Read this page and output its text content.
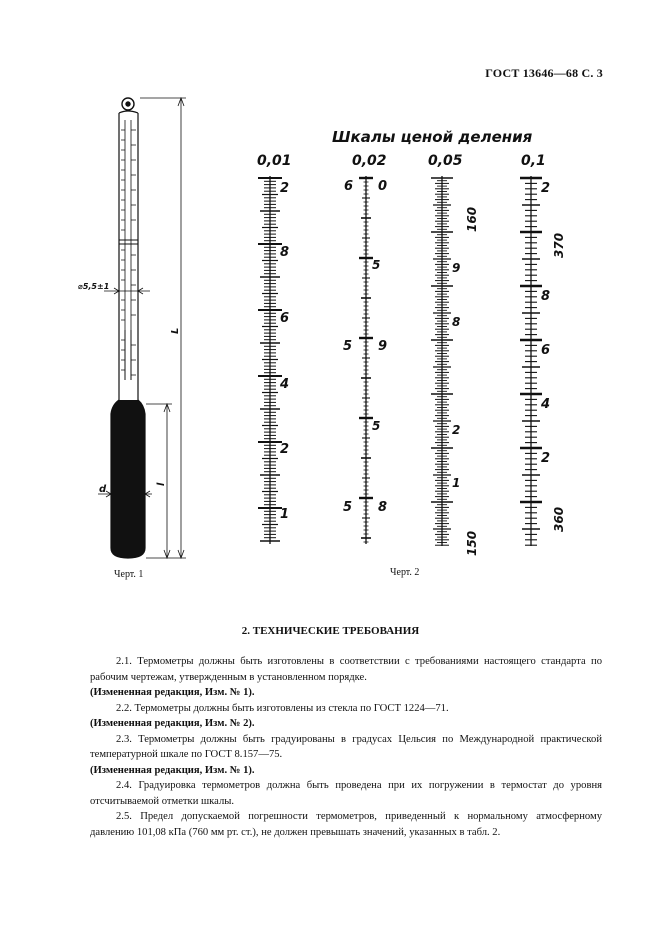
ГОСТ 13646—68 С. 3
⌀5,5±1
L
l
d
Шкалы ценой деления
0,01	0,02	0,05	0,1
2
8
6
4
2
1
6 0
5
5 9
5
5 8
160
9
8
2
1
150
2
370
8
6
4
2
360
Черт. 1	Черт. 2
2. ТЕХНИЧЕСКИЕ ТРЕБОВАНИЯ

2.1. Термометры должны быть изготовлены в соответствии с требованиями настоящего стандарта по рабочим чертежам, утвержденным в установленном порядке.

(Измененная редакция, Изм. № 1).

2.2. Термометры должны быть изготовлены из стекла по ГОСТ 1224—71.

(Измененная редакция, Изм. № 2).

2.3. Термометры должны быть градуированы в градусах Цельсия по Международной практической температурной шкале по ГОСТ 8.157—75.

(Измененная редакция, Изм. № 1).

2.4. Градуировка термометров должна быть проведена при их погружении в термостат до уровня отсчитываемой отметки шкалы.

2.5. Предел допускаемой погрешности термометров, приведенный к нормальному атмосферному давлению 101,08 кПа (760 мм рт. ст.), не должен превышать значений, указанных в табл. 2.
